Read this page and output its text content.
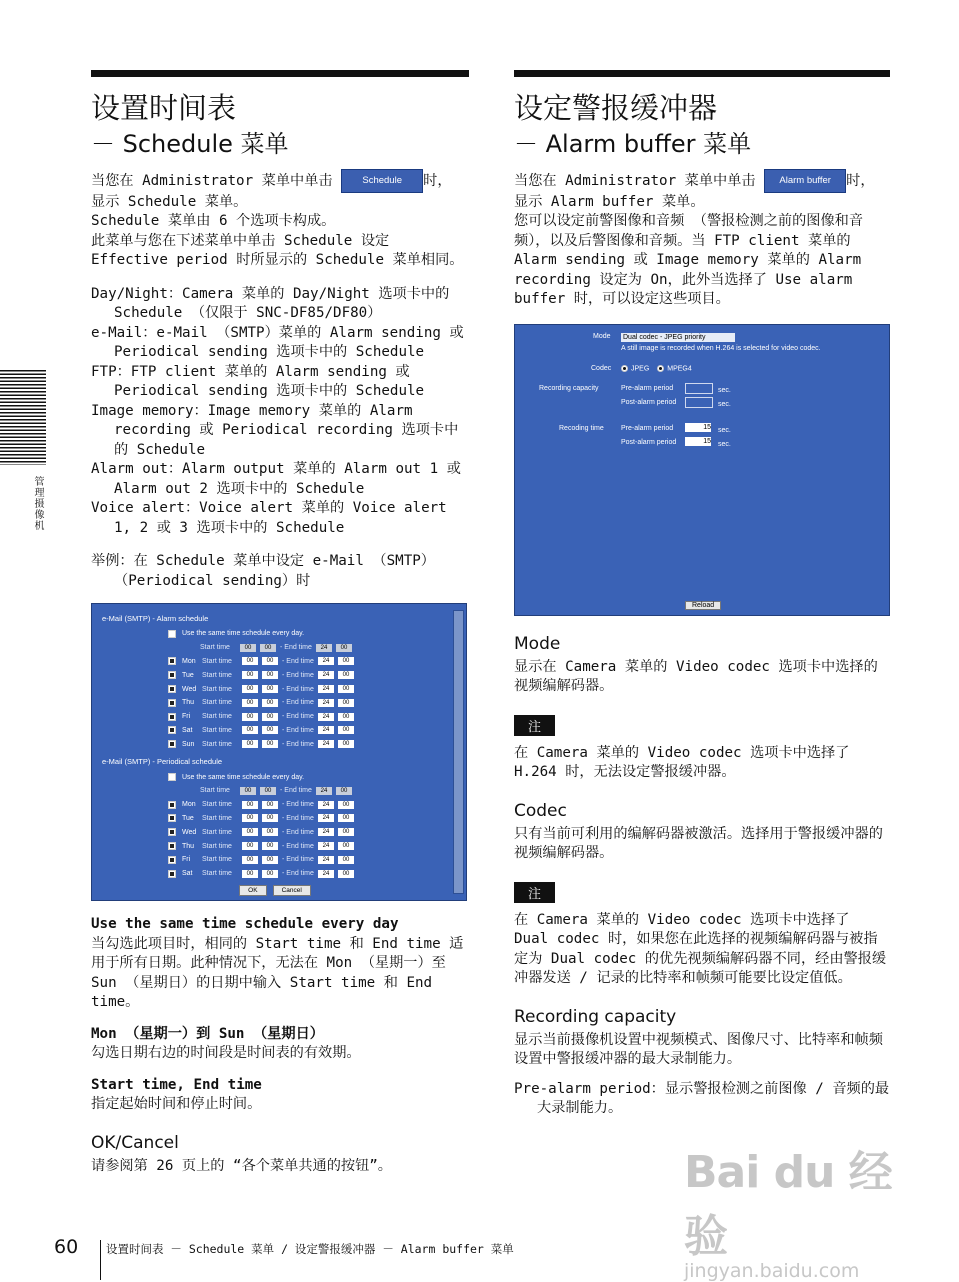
设置时间表
－ Schedule 菜单

当您在 Administrator 菜单中单击	Schedule 时，

显示 Schedule 菜单。

Schedule 菜单由 6 个选项卡构成。

此菜单与您在下述菜单中单击 Schedule 设定 Effective period 时所显示的 Schedule 菜单相同。

Day/Night：Camera 菜单的 Day/Night 选项卡中的 Schedule （仅限于 SNC-DF85/DF80）

e-Mail：e-Mail （SMTP）菜单的 Alarm sending 或 Periodical sending 选项卡中的 Schedule

FTP：FTP client 菜单的 Alarm sending 或 Periodical sending 选项卡中的 Schedule

Image memory：Image memory 菜单的 Alarm recording 或 Periodical recording 选项卡中的 Schedule

Alarm out：Alarm output 菜单的 Alarm out 1 或 Alarm out 2 选项卡中的 Schedule

Voice alert：Voice alert 菜单的 Voice alert 1, 2 或 3 选项卡中的 Schedule

举例：在 Schedule 菜单中设定 e-Mail （SMTP） （Periodical sending）时

e-Mail (SMTP) - Alarm schedule
Use the same time schedule every day.
Start time	00	00	- End time	24	00
Mon Start time	00	00	- End time	24	00
Tue	Start time	00	00	- End time	24	00
Wed Start time	00	00	- End time	24	00
Thu	Start time	00	00	- End time	24	00
Fri	Start time	00	00	- End time	24	00
Sat	Start time	00	00	- End time	24	00
Sun	Start time	00	00	- End time	24	00
e-Mail (SMTP) - Periodical schedule
Use the same time schedule every day.
Start time	00	00	- End time	24	00
Mon Start time	00	00	- End time	24	00
Tue	Start time	00	00	- End time	24	00
Wed Start time	00	00	- End time	24	00
Thu	Start time	00	00	- End time	24	00
Fri	Start time	00	00	- End time	24	00
Sat	Start time	00	00	- End time	24	00
OK	Cancel

Use the same time schedule every day

当勾选此项目时，相同的 Start time 和 End time 适用于所有日期。此种情况下，无法在 Mon （星期一）至 Sun （星期日）的日期中输入 Start time 和 End time。

Mon （星期一）到 Sun （星期日）

勾选日期右边的时间段是时间表的有效期。

Start time, End time

指定起始时间和停止时间。

OK/Cancel

请参阅第 26 页上的 “各个菜单共通的按钮”。

设定警报缓冲器
－ Alarm buffer 菜单

当您在 Administrator 菜单中单击	Alarm buffer 时，

显示 Alarm buffer 菜单。

您可以设定前警图像和音频 （警报检测之前的图像和音频），以及后警图像和音频。当 FTP client 菜单的 Alarm sending 或 Image memory 菜单的 Alarm recording 设定为 On，此外当选择了 Use alarm buffer 时，可以设定这些项目。

Mode Dual codec - JPEG priority
A still image is recorded when H.264 is selected for video codec.
Codec	JPEG	MPEG4
Recording capacity	Pre-alarm period	sec.
Post-alarm period	sec.
Recoding time Pre-alarm period	15 sec.
Post-alarm period	15 sec.
Reload
Mode

显示在 Camera 菜单的 Video codec 选项卡中选择的视频编解码器。

注

在 Camera 菜单的 Video codec 选项卡中选择了 H.264 时，无法设定警报缓冲器。

Codec

只有当前可利用的编解码器被激活。选择用于警报缓冲器的视频编解码器。

注

在 Camera 菜单的 Video codec 选项卡中选择了 Dual codec 时，如果您在此选择的视频编解码器与被指定为 Dual codec 的优先视频编解码器不同，经由警报缓冲器发送 / 记录的比特率和帧频可能要比设定值低。

Recording capacity

显示当前摄像机设置中视频模式、图像尺寸、比特率和帧频设置中警报缓冲器的最大录制能力。

Pre-alarm period：显示警报检测之前图像 / 音频的最大录制能力。

管理摄像机
Bai du 经验
jingyan.baidu.com
60 设置时间表 － Schedule 菜单 / 设定警报缓冲器 － Alarm buffer 菜单
